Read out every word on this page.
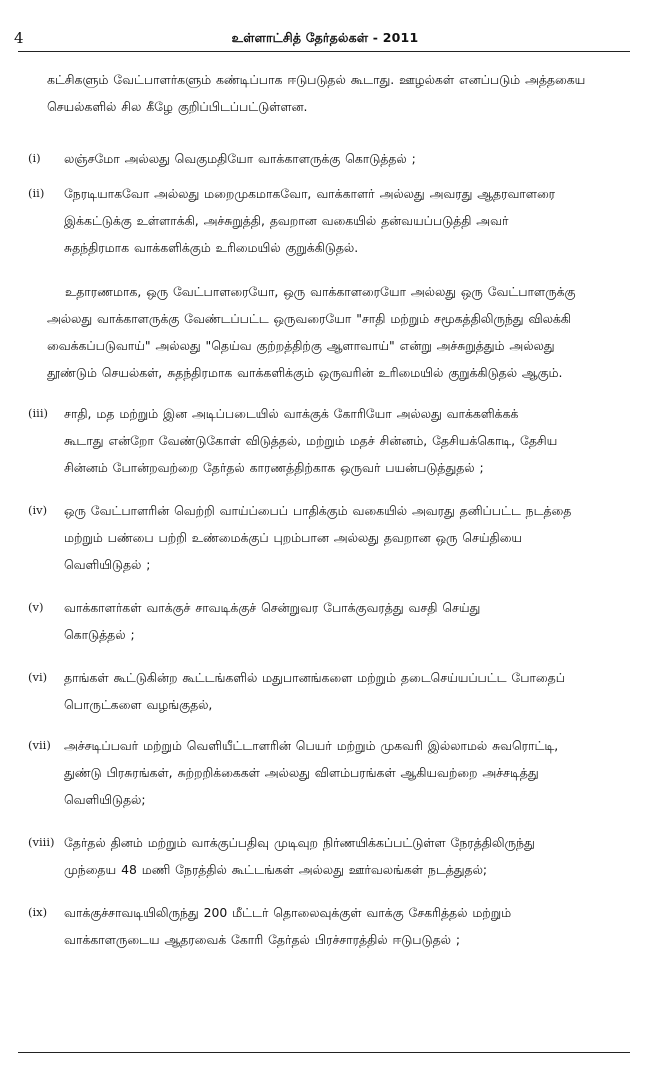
4	உள்ளாட்சித் தேர்தல்கள் - 2011
கட்சிகளும் வேட்பாளர்களும் கண்டிப்பாக ஈடுபடுதல் கூடாது. ஊழல்கள் எனப்படும் அத்தகைய
செயல்களில் சில கீழே குறிப்பிடப்பட்டுள்ளன.
(i)	லஞ்சமோ அல்லது வெகுமதியோ வாக்காளருக்கு கொடுத்தல் ;
(ii)	நேரடியாகவோ அல்லது மறைமுகமாகவோ, வாக்காளர் அல்லது அவரது ஆதரவாளரை
இக்கட்டுக்கு உள்ளாக்கி, அச்சுறுத்தி, தவறான வகையில் தன்வயப்படுத்தி அவர்
சுதந்திரமாக வாக்களிக்கும் உரிமையில் குறுக்கிடுதல்.
உதாரணமாக, ஒரு வேட்பாளரையோ, ஒரு வாக்காளரையோ அல்லது ஒரு வேட்பாளருக்கு
அல்லது வாக்காளருக்கு வேண்டப்பட்ட ஒருவரையோ "சாதி மற்றும் சமூகத்திலிருந்து விலக்கி
வைக்கப்படுவாய்" அல்லது "தெய்வ குற்றத்திற்கு ஆளாவாய்" என்று அச்சுறுத்தும் அல்லது
தூண்டும் செயல்கள், சுதந்திரமாக வாக்களிக்கும் ஒருவரின் உரிமையில் குறுக்கிடுதல் ஆகும்.
(iii)	சாதி, மத மற்றும் இன அடிப்படையில் வாக்குக் கோரியோ அல்லது வாக்களிக்கக்
கூடாது என்றோ வேண்டுகோள் விடுத்தல், மற்றும் மதச் சின்னம், தேசியக்கொடி, தேசிய
சின்னம் போன்றவற்றை தேர்தல் காரணத்திற்காக ஒருவர் பயன்படுத்துதல் ;
(iv)	ஒரு வேட்பாளரின் வெற்றி வாய்ப்பைப் பாதிக்கும் வகையில் அவரது தனிப்பட்ட நடத்தை
மற்றும் பண்பை பற்றி உண்மைக்குப் புறம்பான அல்லது தவறான ஒரு செய்தியை
வெளியிடுதல் ;
(v)	வாக்காளர்கள் வாக்குச் சாவடிக்குச் சென்றுவர போக்குவரத்து வசதி செய்து
கொடுத்தல் ;
(vi)	தாங்கள் கூட்டுகின்ற கூட்டங்களில் மதுபானங்களை மற்றும் தடைசெய்யப்பட்ட போதைப்
பொருட்களை வழங்குதல்,
(vii)	அச்சடிப்பவர் மற்றும் வெளியீட்டாளரின் பெயர் மற்றும் முகவரி இல்லாமல் சுவரொட்டி,
துண்டு பிரசுரங்கள், சுற்றறிக்கைகள் அல்லது விளம்பரங்கள் ஆகியவற்றை அச்சடித்து
வெளியிடுதல்;
(viii) தேர்தல் தினம் மற்றும் வாக்குப்பதிவு முடிவுற நிர்ணயிக்கப்பட்டுள்ள நேரத்திலிருந்து
முந்தைய 48 மணி நேரத்தில் கூட்டங்கள் அல்லது ஊர்வலங்கள் நடத்துதல்;
(ix)	வாக்குச்சாவடியிலிருந்து 200 மீட்டர் தொலைவுக்குள் வாக்கு சேகரித்தல் மற்றும்
வாக்காளருடைய ஆதரவைக் கோரி தேர்தல் பிரச்சாரத்தில் ஈடுபடுதல் ;
